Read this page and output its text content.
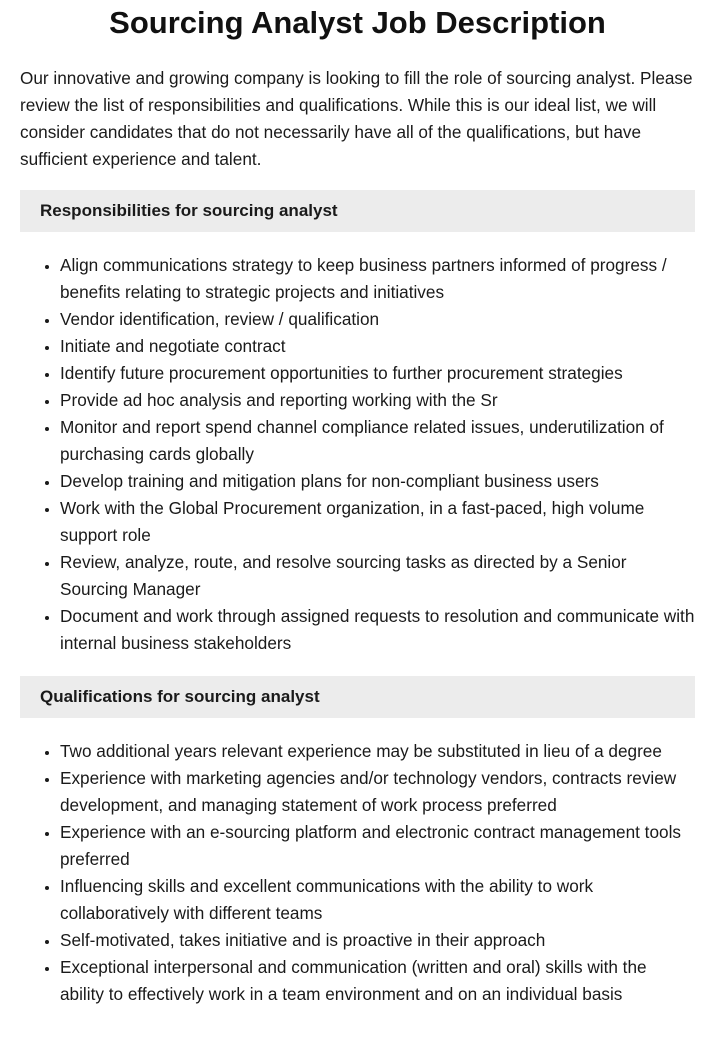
Sourcing Analyst Job Description

Our innovative and growing company is looking to fill the role of sourcing analyst. Please review the list of responsibilities and qualifications. While this is our ideal list, we will consider candidates that do not necessarily have all of the qualifications, but have sufficient experience and talent.

Responsibilities for sourcing analyst
• Align communications strategy to keep business partners informed of progress / benefits relating to strategic projects and initiatives
• Vendor identification, review / qualification
• Initiate and negotiate contract
• Identify future procurement opportunities to further procurement strategies
• Provide ad hoc analysis and reporting working with the Sr
• Monitor and report spend channel compliance related issues, underutilization of purchasing cards globally
• Develop training and mitigation plans for non-compliant business users
• Work with the Global Procurement organization, in a fast-paced, high volume support role
• Review, analyze, route, and resolve sourcing tasks as directed by a Senior Sourcing Manager
• Document and work through assigned requests to resolution and communicate with internal business stakeholders
Qualifications for sourcing analyst
• Two additional years relevant experience may be substituted in lieu of a degree
• Experience with marketing agencies and/or technology vendors, contracts review development, and managing statement of work process preferred
• Experience with an e-sourcing platform and electronic contract management tools preferred
• Influencing skills and excellent communications with the ability to work collaboratively with different teams
• Self-motivated, takes initiative and is proactive in their approach
• Exceptional interpersonal and communication (written and oral) skills with the ability to effectively work in a team environment and on an individual basis
